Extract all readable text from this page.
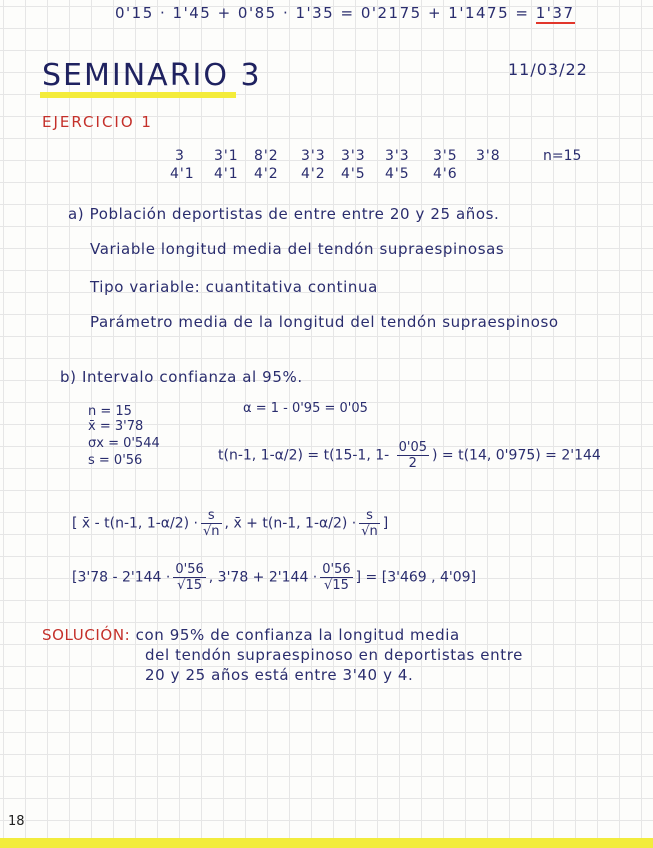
0'15 · 1'45 + 0'85 · 1'35 = 0'2175 + 1'1475 = 1'37
SEMINARIO 3	11/03/22
EJERCICIO 1
3 3'1 8'2 3'3 3'3 3'3 3'5 3'8
4'1 4'1 4'2 4'2 4'5 4'5 4'6
n=15
a) Población deportistas de entre entre 20 y 25 años.
Variable longitud media del tendón supraespinosas
Tipo variable: cuantitativa continua
Parámetro media de la longitud del tendón supraespinoso
b) Intervalo confianza al 95%.
n = 15
x̄ = 3'78
σx = 0'544
s = 0'56
α = 1 - 0'95 = 0'05
t(n-1, 1-α/2) = t(15-1, $1- \frac{0'05}{2}$ ) = t(14, 0'975) = 2'144
[ x̄ - t(n-1, $1-\alpha/2) \cdot \frac{s}{√n}$ , x̄ + t(n-1, $1-\alpha/2) \cdot \frac{s}{√n}$ ]
[$3'78 - 2'144 \cdot \frac{0'56}{√15}$ , $3'78 + 2'144 \cdot \frac{0'56}{√15}$ ] = [3'469 , 4'09]
SOLUCIÓN: con 95% de confianza la longitud media
del tendón supraespinoso en deportistas entre
20 y 25 años está entre 3'40 y 4.
18
